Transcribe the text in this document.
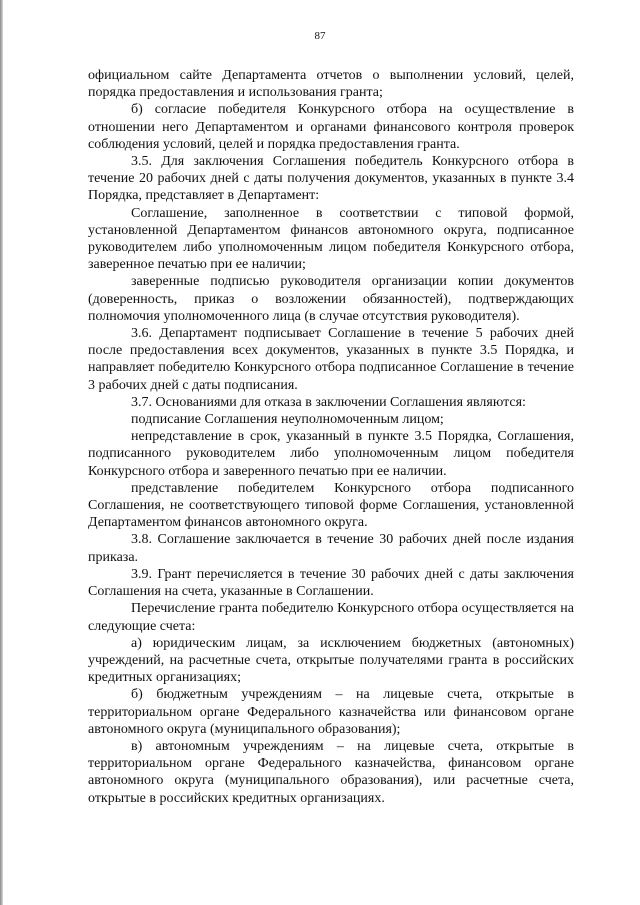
87

официальном сайте Департамента отчетов о выполнении условий, целей, порядка предоставления и использования гранта;

б) согласие победителя Конкурсного отбора на осуществление в отношении него Департаментом и органами финансового контроля проверок соблюдения условий, целей и порядка предоставления гранта.

3.5. Для заключения Соглашения победитель Конкурсного отбора в течение 20 рабочих дней с даты получения документов, указанных в пункте 3.4 Порядка, представляет в Департамент:

Соглашение, заполненное в соответствии с типовой формой, установленной Департаментом финансов автономного округа, подписанное руководителем либо уполномоченным лицом победителя Конкурсного отбора, заверенное печатью при ее наличии;

заверенные подписью руководителя организации копии документов (доверенность, приказ о возложении обязанностей), подтверждающих полномочия уполномоченного лица (в случае отсутствия руководителя).

3.6. Департамент подписывает Соглашение в течение 5 рабочих дней после предоставления всех документов, указанных в пункте 3.5 Порядка, и направляет победителю Конкурсного отбора подписанное Соглашение в течение 3 рабочих дней с даты подписания.

3.7. Основаниями для отказа в заключении Соглашения являются:

подписание Соглашения неуполномоченным лицом;

непредставление в срок, указанный в пункте 3.5 Порядка, Соглашения, подписанного руководителем либо уполномоченным лицом победителя Конкурсного отбора и заверенного печатью при ее наличии.

представление победителем Конкурсного отбора подписанного Соглашения, не соответствующего типовой форме Соглашения, установленной Департаментом финансов автономного округа.

3.8. Соглашение заключается в течение 30 рабочих дней после издания приказа.

3.9. Грант перечисляется в течение 30 рабочих дней с даты заключения Соглашения на счета, указанные в Соглашении.

Перечисление гранта победителю Конкурсного отбора осуществляется на следующие счета:

а) юридическим лицам, за исключением бюджетных (автономных) учреждений, на расчетные счета, открытые получателями гранта в российских кредитных организациях;

б) бюджетным учреждениям – на лицевые счета, открытые в территориальном органе Федерального казначейства или финансовом органе автономного округа (муниципального образования);

в) автономным учреждениям – на лицевые счета, открытые в территориальном органе Федерального казначейства, финансовом органе автономного округа (муниципального образования), или расчетные счета, открытые в российских кредитных организациях.
